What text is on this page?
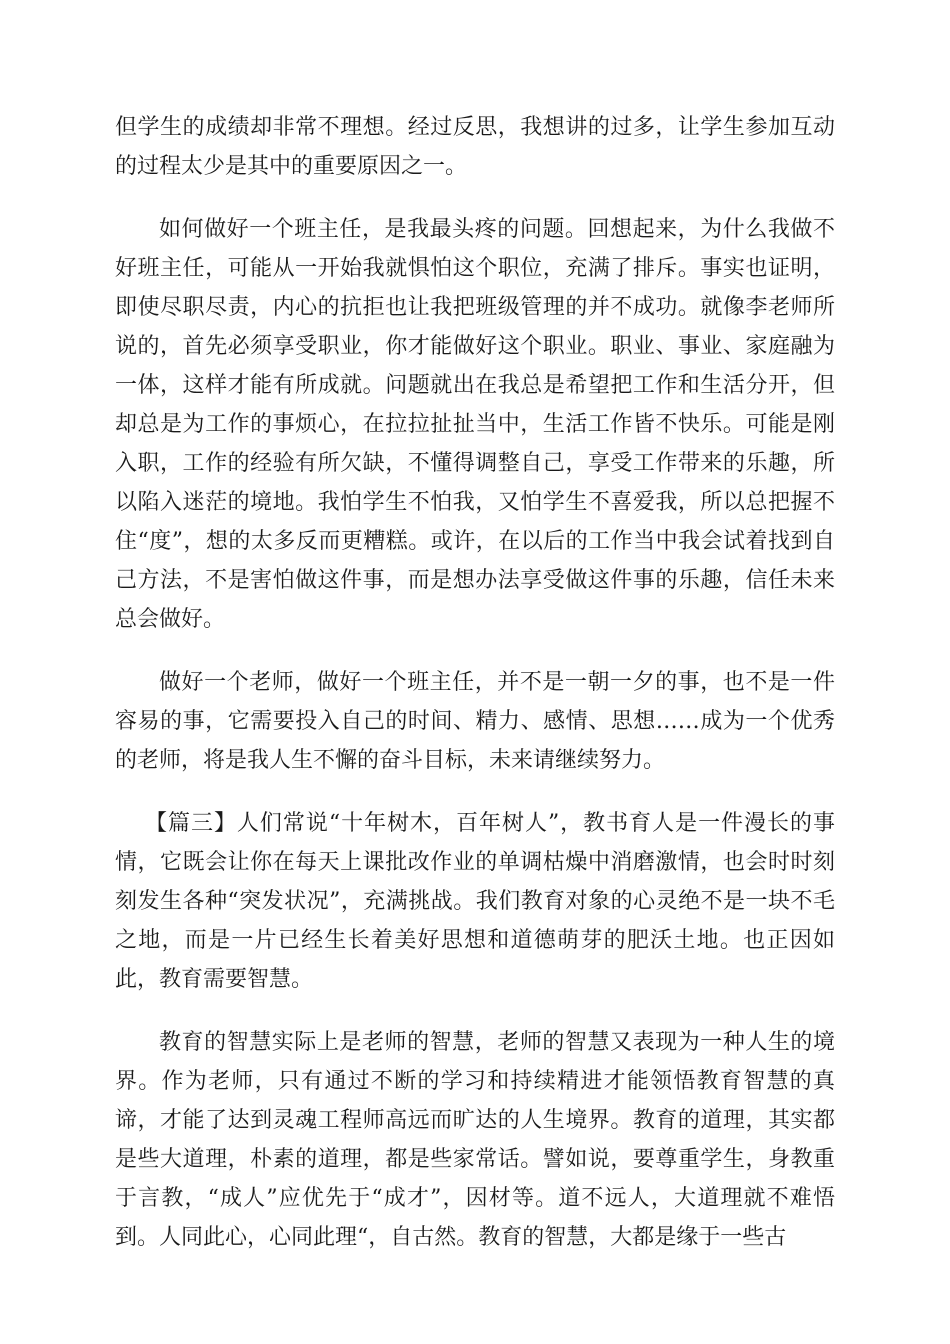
但学生的成绩却非常不理想。经过反思，我想讲的过多，让学生参加互动的过程太少是其中的重要原因之一。

如何做好一个班主任，是我最头疼的问题。回想起来，为什么我做不好班主任，可能从一开始我就惧怕这个职位，充满了排斥。事实也证明，即使尽职尽责，内心的抗拒也让我把班级管理的并不成功。就像李老师所说的，首先必须享受职业，你才能做好这个职业。职业、事业、家庭融为一体，这样才能有所成就。问题就出在我总是希望把工作和生活分开，但却总是为工作的事烦心，在拉拉扯扯当中，生活工作皆不快乐。可能是刚入职，工作的经验有所欠缺，不懂得调整自己，享受工作带来的乐趣，所以陷入迷茫的境地。我怕学生不怕我，又怕学生不喜爱我，所以总把握不住“度”，想的太多反而更糟糕。或许，在以后的工作当中我会试着找到自己方法，不是害怕做这件事，而是想办法享受做这件事的乐趣，信任未来总会做好。

做好一个老师，做好一个班主任，并不是一朝一夕的事，也不是一件容易的事，它需要投入自己的时间、精力、感情、思想……成为一个优秀的老师，将是我人生不懈的奋斗目标，未来请继续努力。

【篇三】人们常说“十年树木，百年树人”，教书育人是一件漫长的事情，它既会让你在每天上课批改作业的单调枯燥中消磨激情，也会时时刻刻发生各种“突发状况”，充满挑战。我们教育对象的心灵绝不是一块不毛之地，而是一片已经生长着美好思想和道德萌芽的肥沃土地。也正因如此，教育需要智慧。

教育的智慧实际上是老师的智慧，老师的智慧又表现为一种人生的境界。作为老师，只有通过不断的学习和持续精进才能领悟教育智慧的真谛，才能了达到灵魂工程师高远而旷达的人生境界。教育的道理，其实都是些大道理，朴素的道理，都是些家常话。譬如说，要尊重学生，身教重于言教，“成人”应优先于“成才”，因材等。道不远人，大道理就不难悟到。人同此心，心同此理“，自古然。教育的智慧，大都是缘于一些古
